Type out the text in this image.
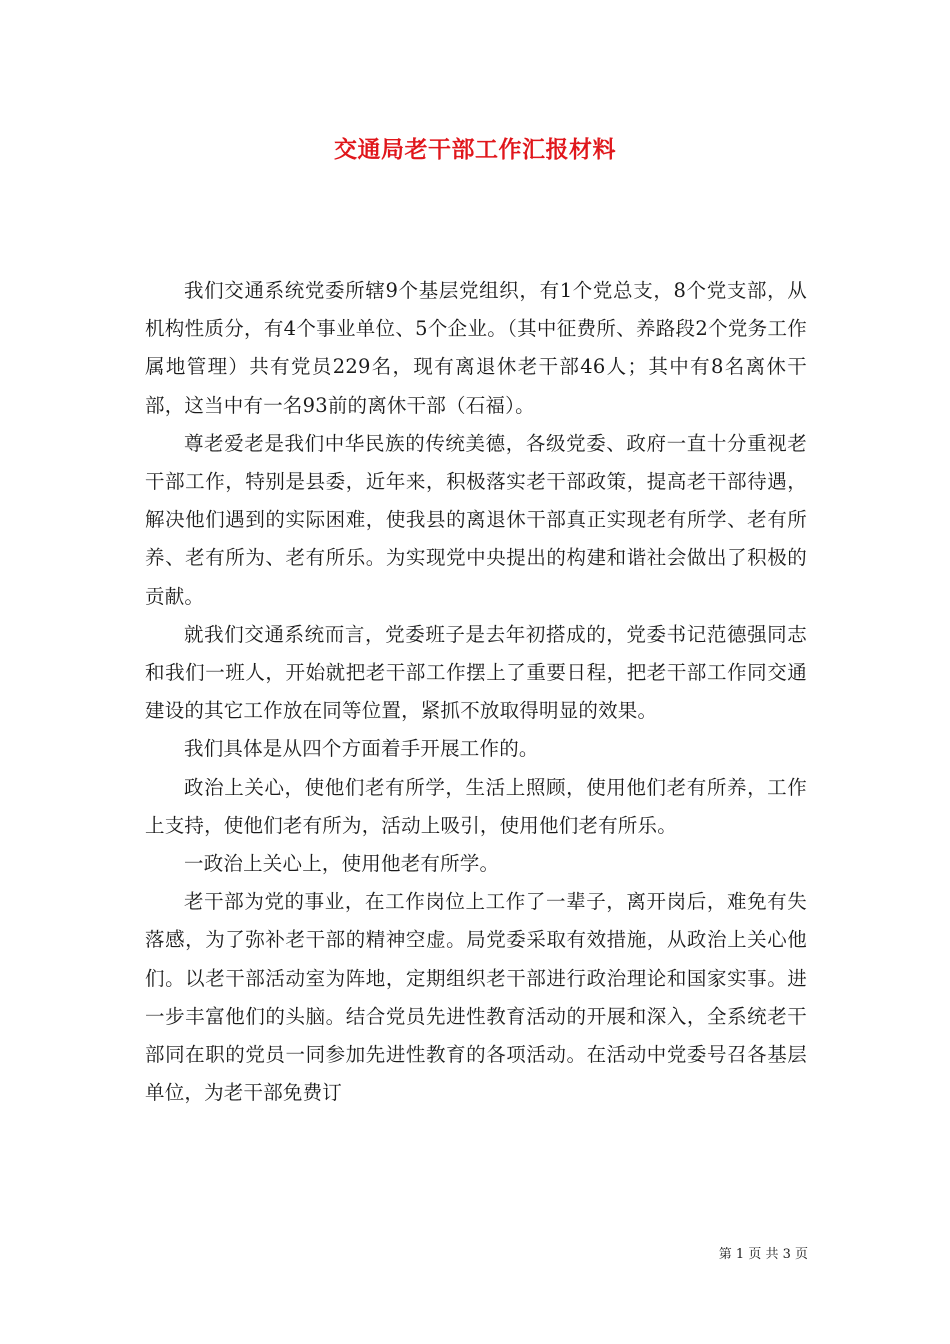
交通局老干部工作汇报材料

我们交通系统党委所辖9个基层党组织，有1个党总支，8个党支部，从机构性质分，有4个事业单位、5个企业。（其中征费所、养路段2个党务工作属地管理）共有党员229名，现有离退休老干部46人；其中有8名离休干部，这当中有一名93前的离休干部（石福）。

尊老爱老是我们中华民族的传统美德，各级党委、政府一直十分重视老干部工作，特别是县委，近年来，积极落实老干部政策，提高老干部待遇，解决他们遇到的实际困难，使我县的离退休干部真正实现老有所学、老有所养、老有所为、老有所乐。为实现党中央提出的构建和谐社会做出了积极的贡献。

就我们交通系统而言，党委班子是去年初搭成的，党委书记范德强同志和我们一班人，开始就把老干部工作摆上了重要日程，把老干部工作同交通建设的其它工作放在同等位置，紧抓不放取得明显的效果。

我们具体是从四个方面着手开展工作的。

政治上关心，使他们老有所学，生活上照顾，使用他们老有所养，工作上支持，使他们老有所为，活动上吸引，使用他们老有所乐。

一政治上关心上，使用他老有所学。

老干部为党的事业，在工作岗位上工作了一辈子，离开岗后，难免有失落感，为了弥补老干部的精神空虚。局党委采取有效措施，从政治上关心他们。以老干部活动室为阵地，定期组织老干部进行政治理论和国家实事。进一步丰富他们的头脑。结合党员先进性教育活动的开展和深入，全系统老干部同在职的党员一同参加先进性教育的各项活动。在活动中党委号召各基层单位，为老干部免费订

第 1 页 共 3 页
